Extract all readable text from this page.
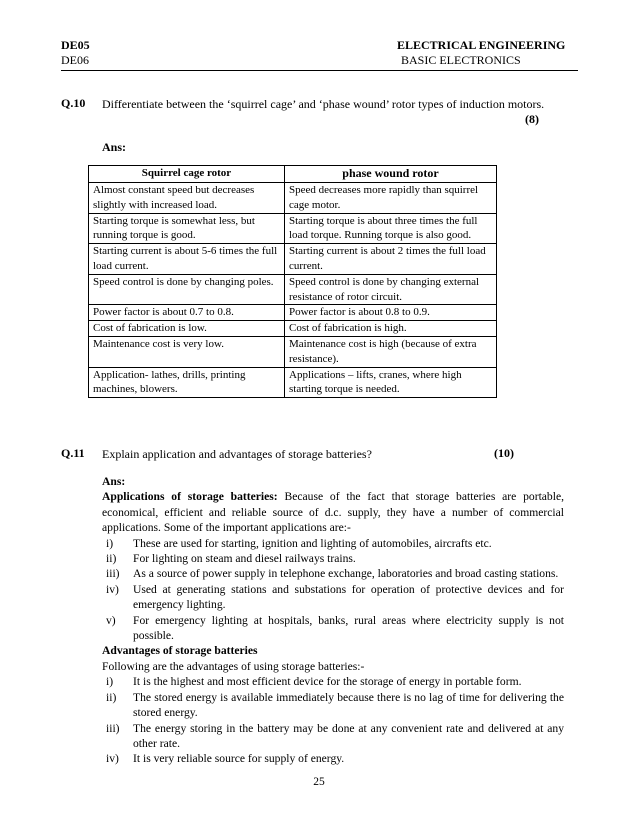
DE05
DE06
ELECTRICAL ENGINEERING
BASIC ELECTRONICS
Q.10 Differentiate between the ‘squirrel cage’ and ‘phase wound’ rotor types of induction motors.
(8)
Ans:
Squirrel cage rotor	phase wound rotor
Almost constant speed but decreases slightly with increased load.	Speed decreases more rapidly than squirrel cage motor.
Starting torque is somewhat less, but running torque is good.	Starting torque is about three times the full load torque. Running torque is also good.
Starting current is about 5-6 times the full load current.	Starting current is about 2 times the full load current.
Speed control is done by changing poles.	Speed control is done by changing external resistance of rotor circuit.
Power factor is about 0.7 to 0.8.	Power factor is about 0.8 to 0.9.
Cost of fabrication is low.	Cost of fabrication is high.
Maintenance cost is very low.	Maintenance cost is high (because of extra resistance).
Application- lathes, drills, printing machines, blowers.	Applications – lifts, cranes, where high starting torque is needed.
Q.11 Explain application and advantages of storage batteries?	(10)

Ans:

Applications of storage batteries: Because of the fact that storage batteries are portable, economical, efficient and reliable source of d.c. supply, they have a number of commercial applications. Some of the important applications are:-

i)	These are used for starting, ignition and lighting of automobiles, aircrafts etc.
ii)	For lighting on steam and diesel railways trains.
iii)	As a source of power supply in telephone exchange, laboratories and broad casting stations.
iv)	Used at generating stations and substations for operation of protective devices and for emergency lighting.
v)	For emergency lighting at hospitals, banks, rural areas where electricity supply is not possible.

Advantages of storage batteries

Following are the advantages of using storage batteries:-

i)	It is the highest and most efficient device for the storage of energy in portable form.
ii)	The stored energy is available immediately because there is no lag of time for delivering the stored energy.
iii)	The energy storing in the battery may be done at any convenient rate and delivered at any other rate.
iv)	It is very reliable source for supply of energy.
25
